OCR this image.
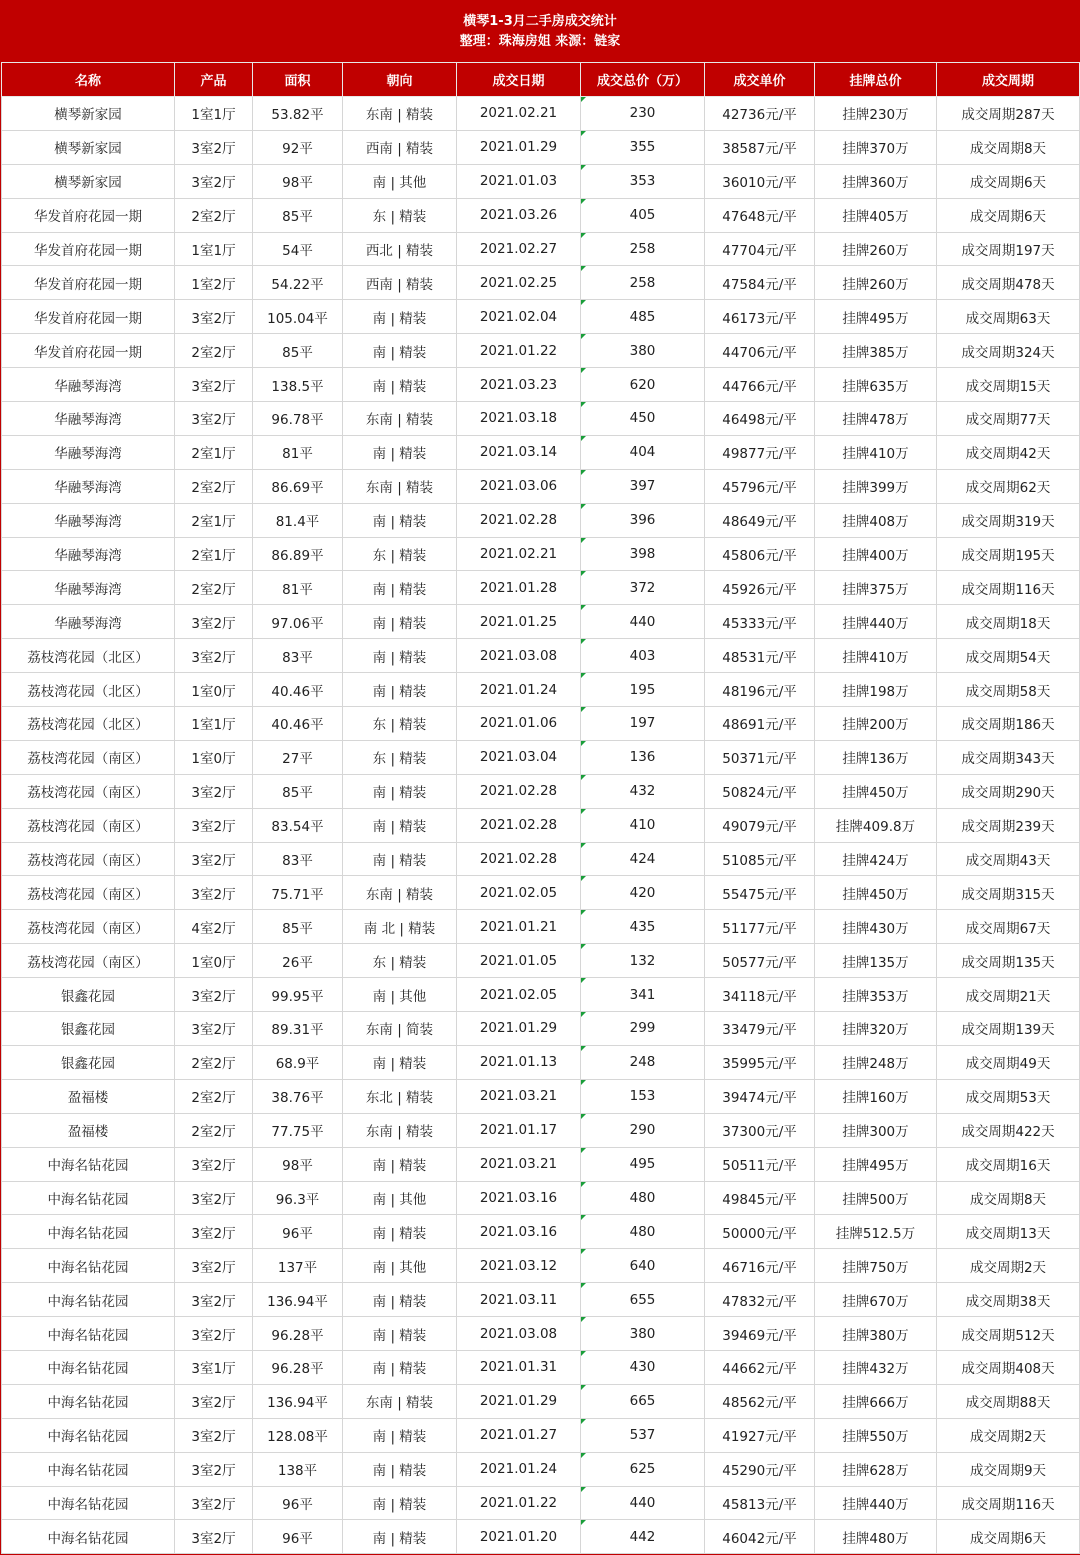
横琴1-3月二手房成交统计
整理：珠海房姐 来源：链家
名称	产品	面积	朝向	成交日期	成交总价（万）	成交单价	挂牌总价	成交周期
横琴新家园	1室1厅	53.82平	东南 | 精装	2021.02.21	230	42736元/平	挂牌230万	成交周期287天
横琴新家园	3室2厅	92平	西南 | 精装	2021.01.29	355	38587元/平	挂牌370万	成交周期8天
横琴新家园	3室2厅	98平	南 | 其他	2021.01.03	353	36010元/平	挂牌360万	成交周期6天
华发首府花园一期	2室2厅	85平	东 | 精装	2021.03.26	405	47648元/平	挂牌405万	成交周期6天
华发首府花园一期	1室1厅	54平	西北 | 精装	2021.02.27	258	47704元/平	挂牌260万	成交周期197天
华发首府花园一期	1室2厅	54.22平	西南 | 精装	2021.02.25	258	47584元/平	挂牌260万	成交周期478天
华发首府花园一期	3室2厅	105.04平	南 | 精装	2021.02.04	485	46173元/平	挂牌495万	成交周期63天
华发首府花园一期	2室2厅	85平	南 | 精装	2021.01.22	380	44706元/平	挂牌385万	成交周期324天
华融琴海湾	3室2厅	138.5平	南 | 精装	2021.03.23	620	44766元/平	挂牌635万	成交周期15天
华融琴海湾	3室2厅	96.78平	东南 | 精装	2021.03.18	450	46498元/平	挂牌478万	成交周期77天
华融琴海湾	2室1厅	81平	南 | 精装	2021.03.14	404	49877元/平	挂牌410万	成交周期42天
华融琴海湾	2室2厅	86.69平	东南 | 精装	2021.03.06	397	45796元/平	挂牌399万	成交周期62天
华融琴海湾	2室1厅	81.4平	南 | 精装	2021.02.28	396	48649元/平	挂牌408万	成交周期319天
华融琴海湾	2室1厅	86.89平	东 | 精装	2021.02.21	398	45806元/平	挂牌400万	成交周期195天
华融琴海湾	2室2厅	81平	南 | 精装	2021.01.28	372	45926元/平	挂牌375万	成交周期116天
华融琴海湾	3室2厅	97.06平	南 | 精装	2021.01.25	440	45333元/平	挂牌440万	成交周期18天
荔枝湾花园（北区）	3室2厅	83平	南 | 精装	2021.03.08	403	48531元/平	挂牌410万	成交周期54天
荔枝湾花园（北区）	1室0厅	40.46平	南 | 精装	2021.01.24	195	48196元/平	挂牌198万	成交周期58天
荔枝湾花园（北区）	1室1厅	40.46平	东 | 精装	2021.01.06	197	48691元/平	挂牌200万	成交周期186天
荔枝湾花园（南区）	1室0厅	27平	东 | 精装	2021.03.04	136	50371元/平	挂牌136万	成交周期343天
荔枝湾花园（南区）	3室2厅	85平	南 | 精装	2021.02.28	432	50824元/平	挂牌450万	成交周期290天
荔枝湾花园（南区）	3室2厅	83.54平	南 | 精装	2021.02.28	410	49079元/平	挂牌409.8万	成交周期239天
荔枝湾花园（南区）	3室2厅	83平	南 | 精装	2021.02.28	424	51085元/平	挂牌424万	成交周期43天
荔枝湾花园（南区）	3室2厅	75.71平	东南 | 精装	2021.02.05	420	55475元/平	挂牌450万	成交周期315天
荔枝湾花园（南区）	4室2厅	85平	南 北 | 精装	2021.01.21	435	51177元/平	挂牌430万	成交周期67天
荔枝湾花园（南区）	1室0厅	26平	东 | 精装	2021.01.05	132	50577元/平	挂牌135万	成交周期135天
银鑫花园	3室2厅	99.95平	南 | 其他	2021.02.05	341	34118元/平	挂牌353万	成交周期21天
银鑫花园	3室2厅	89.31平	东南 | 简装	2021.01.29	299	33479元/平	挂牌320万	成交周期139天
银鑫花园	2室2厅	68.9平	南 | 精装	2021.01.13	248	35995元/平	挂牌248万	成交周期49天
盈福楼	2室2厅	38.76平	东北 | 精装	2021.03.21	153	39474元/平	挂牌160万	成交周期53天
盈福楼	2室2厅	77.75平	东南 | 精装	2021.01.17	290	37300元/平	挂牌300万	成交周期422天
中海名钻花园	3室2厅	98平	南 | 精装	2021.03.21	495	50511元/平	挂牌495万	成交周期16天
中海名钻花园	3室2厅	96.3平	南 | 其他	2021.03.16	480	49845元/平	挂牌500万	成交周期8天
中海名钻花园	3室2厅	96平	南 | 精装	2021.03.16	480	50000元/平	挂牌512.5万	成交周期13天
中海名钻花园	3室2厅	137平	南 | 其他	2021.03.12	640	46716元/平	挂牌750万	成交周期2天
中海名钻花园	3室2厅	136.94平	南 | 精装	2021.03.11	655	47832元/平	挂牌670万	成交周期38天
中海名钻花园	3室2厅	96.28平	南 | 精装	2021.03.08	380	39469元/平	挂牌380万	成交周期512天
中海名钻花园	3室1厅	96.28平	南 | 精装	2021.01.31	430	44662元/平	挂牌432万	成交周期408天
中海名钻花园	3室2厅	136.94平	东南 | 精装	2021.01.29	665	48562元/平	挂牌666万	成交周期88天
中海名钻花园	3室2厅	128.08平	南 | 精装	2021.01.27	537	41927元/平	挂牌550万	成交周期2天
中海名钻花园	3室2厅	138平	南 | 精装	2021.01.24	625	45290元/平	挂牌628万	成交周期9天
中海名钻花园	3室2厅	96平	南 | 精装	2021.01.22	440	45813元/平	挂牌440万	成交周期116天
中海名钻花园	3室2厅	96平	南 | 精装	2021.01.20	442	46042元/平	挂牌480万	成交周期6天
